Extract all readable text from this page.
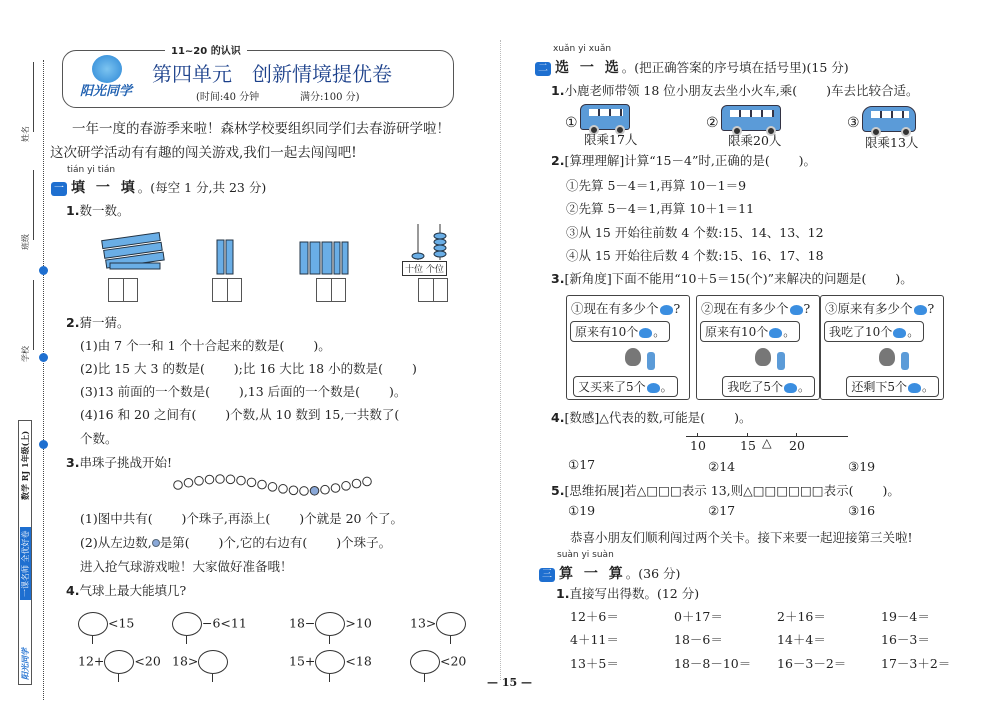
姓名
班级
学校
数学 RJ 1年级(上)
一课名师 全优好卷
阳光同学
11~20 的认识
阳光同学
第四单元　创新情境提优卷
(时间:40 分钟	满分:100 分)
一年一度的春游季来啦！森林学校要组织同学们去春游研学啦！
这次研学活动有有趣的闯关游戏,我们一起去闯闯吧!
tián yi tián
一 填 一 填。(每空 1 分,共 23 分)
1.数一数。
十位 个位
2.猜一猜。
(1)由 7 个一和 1 个十合起来的数是(　　 )。
(2)比 15 大 3 的数是(　　 );比 16 大比 18 小的数是(　　 )
(3)13 前面的一个数是(　　 ),13 后面的一个数是(　　 )。
(4)16 和 20 之间有(　　 )个数,从 10 数到 15,一共数了(
个数。
3.串珠子挑战开始!
(1)图中共有(　　 )个珠子,再添上(　　 )个就是 20 个了。
(2)从左边数, 是第(　　 )个,它的右边有(　　 )个珠子。
进入抢气球游戏啦！大家做好准备哦！
4.气球上最大能填几?
<15	−6<11	18− >10	13>
12+ <20 18>	15+ <18	<20
xuǎn yi xuǎn
二 选 一 选。(把正确答案的序号填在括号里)(15 分)
1.小鹿老师带领 18 位小朋友去坐小火车,乘(　　 )车去比较合适。
①
限乘17人
②
限乘20人
③
限乘13人
2.[算理理解]计算“15－4”时,正确的是(　　 )。
①先算 5－4＝1,再算 10－1＝9
②先算 5－4＝1,再算 10＋1＝11
③从 15 开始往前数 4 个数:15、14、13、12
④从 15 开始往后数 4 个数:15、16、17、18
3.[新角度]下面不能用“10＋5＝15(个)”来解决的问题是(　　 )。
①现在有多少个 ?
原来有10个 。
又买来了5个 。
②现在有多少个 ?
原来有10个 。
我吃了5个 。
③原来有多少个 ?
我吃了10个 。
还剩下5个 。
4.[数感]△代表的数,可能是(　　 )。
10	15	20
△
①17	②14	③19
5.[思维拓展]若△□□□表示 13,则△□□□□□□表示(　　 )。
①19	②17	③16
恭喜小朋友们顺利闯过两个关卡。接下来要一起迎接第三关啦!
suàn yi suàn
三 算 一 算。(36 分)
1.直接写出得数。(12 分)
12＋6＝	0＋17＝	2＋16＝	19－4＝
4＋11＝	18－6＝	14＋4＝	16－3＝
13＋5＝	18－8－10＝ 16－3－2＝	17－3＋2＝
— 15 —
